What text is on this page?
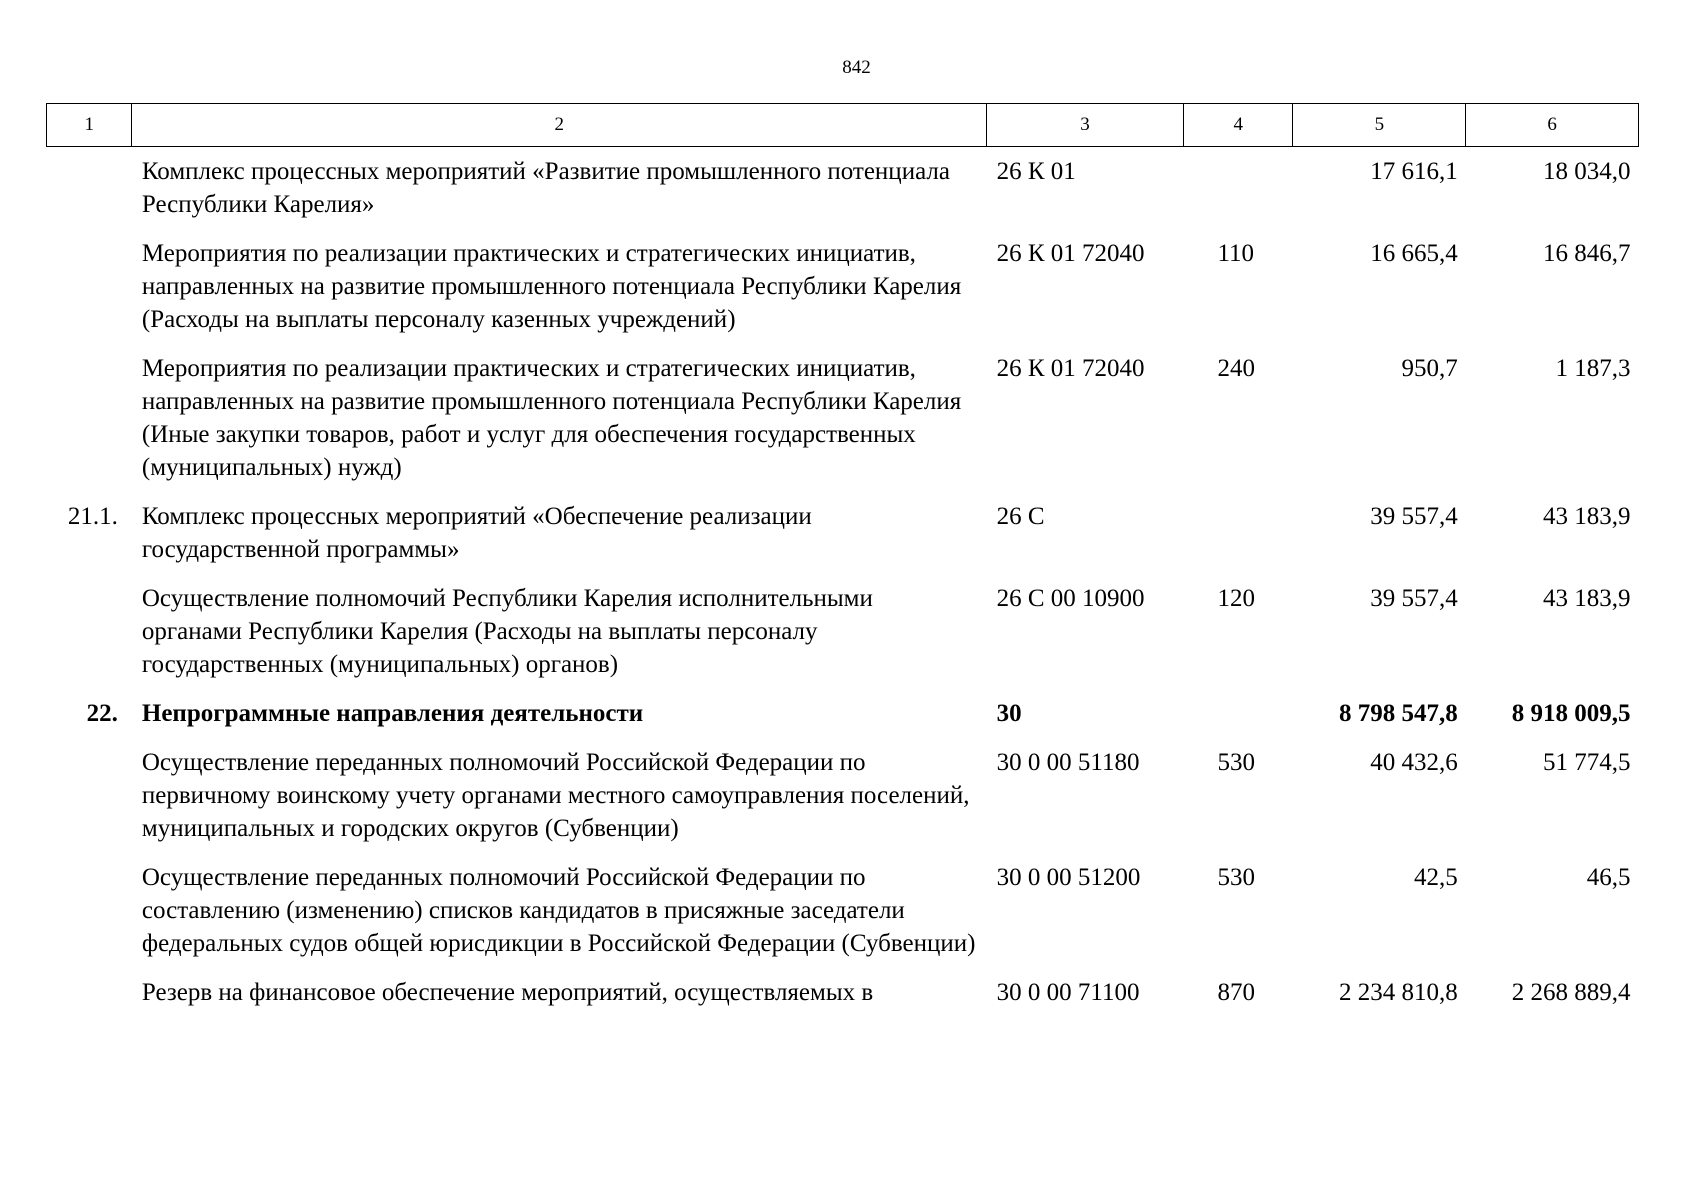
842
1	2	3	4	5	6
	Комплекс процессных мероприятий «Развитие промышленного потенциала Республики Карелия»	26 К 01		17 616,1	18 034,0
	Мероприятия по реализации практических и стратегических инициатив, направленных на развитие промышленного потенциала Республики Карелия (Расходы на выплаты персоналу казенных учреждений)	26 К 01 72040	110	16 665,4	16 846,7
	Мероприятия по реализации практических и стратегических инициатив, направленных на развитие промышленного потенциала Республики Карелия (Иные закупки товаров, работ и услуг для обеспечения государственных (муниципальных) нужд)	26 К 01 72040	240	950,7	1 187,3
21.1.	Комплекс процессных мероприятий «Обеспечение реализации государственной программы»	26 С		39 557,4	43 183,9
	Осуществление полномочий Республики Карелия исполнительными органами Республики Карелия (Расходы на выплаты персоналу государственных (муниципальных) органов)	26 С 00 10900	120	39 557,4	43 183,9
22.	Непрограммные направления деятельности	30		8 798 547,8	8 918 009,5
	Осуществление переданных полномочий Российской Федерации по первичному воинскому учету органами местного самоуправления поселений, муниципальных и городских округов (Субвенции)	30 0 00 51180	530	40 432,6	51 774,5
	Осуществление переданных полномочий Российской Федерации по составлению (изменению) списков кандидатов в присяжные заседатели федеральных судов общей юрисдикции в Российской Федерации (Субвенции)	30 0 00 51200	530	42,5	46,5
	Резерв на финансовое обеспечение мероприятий, осуществляемых в	30 0 00 71100	870	2 234 810,8	2 268 889,4
